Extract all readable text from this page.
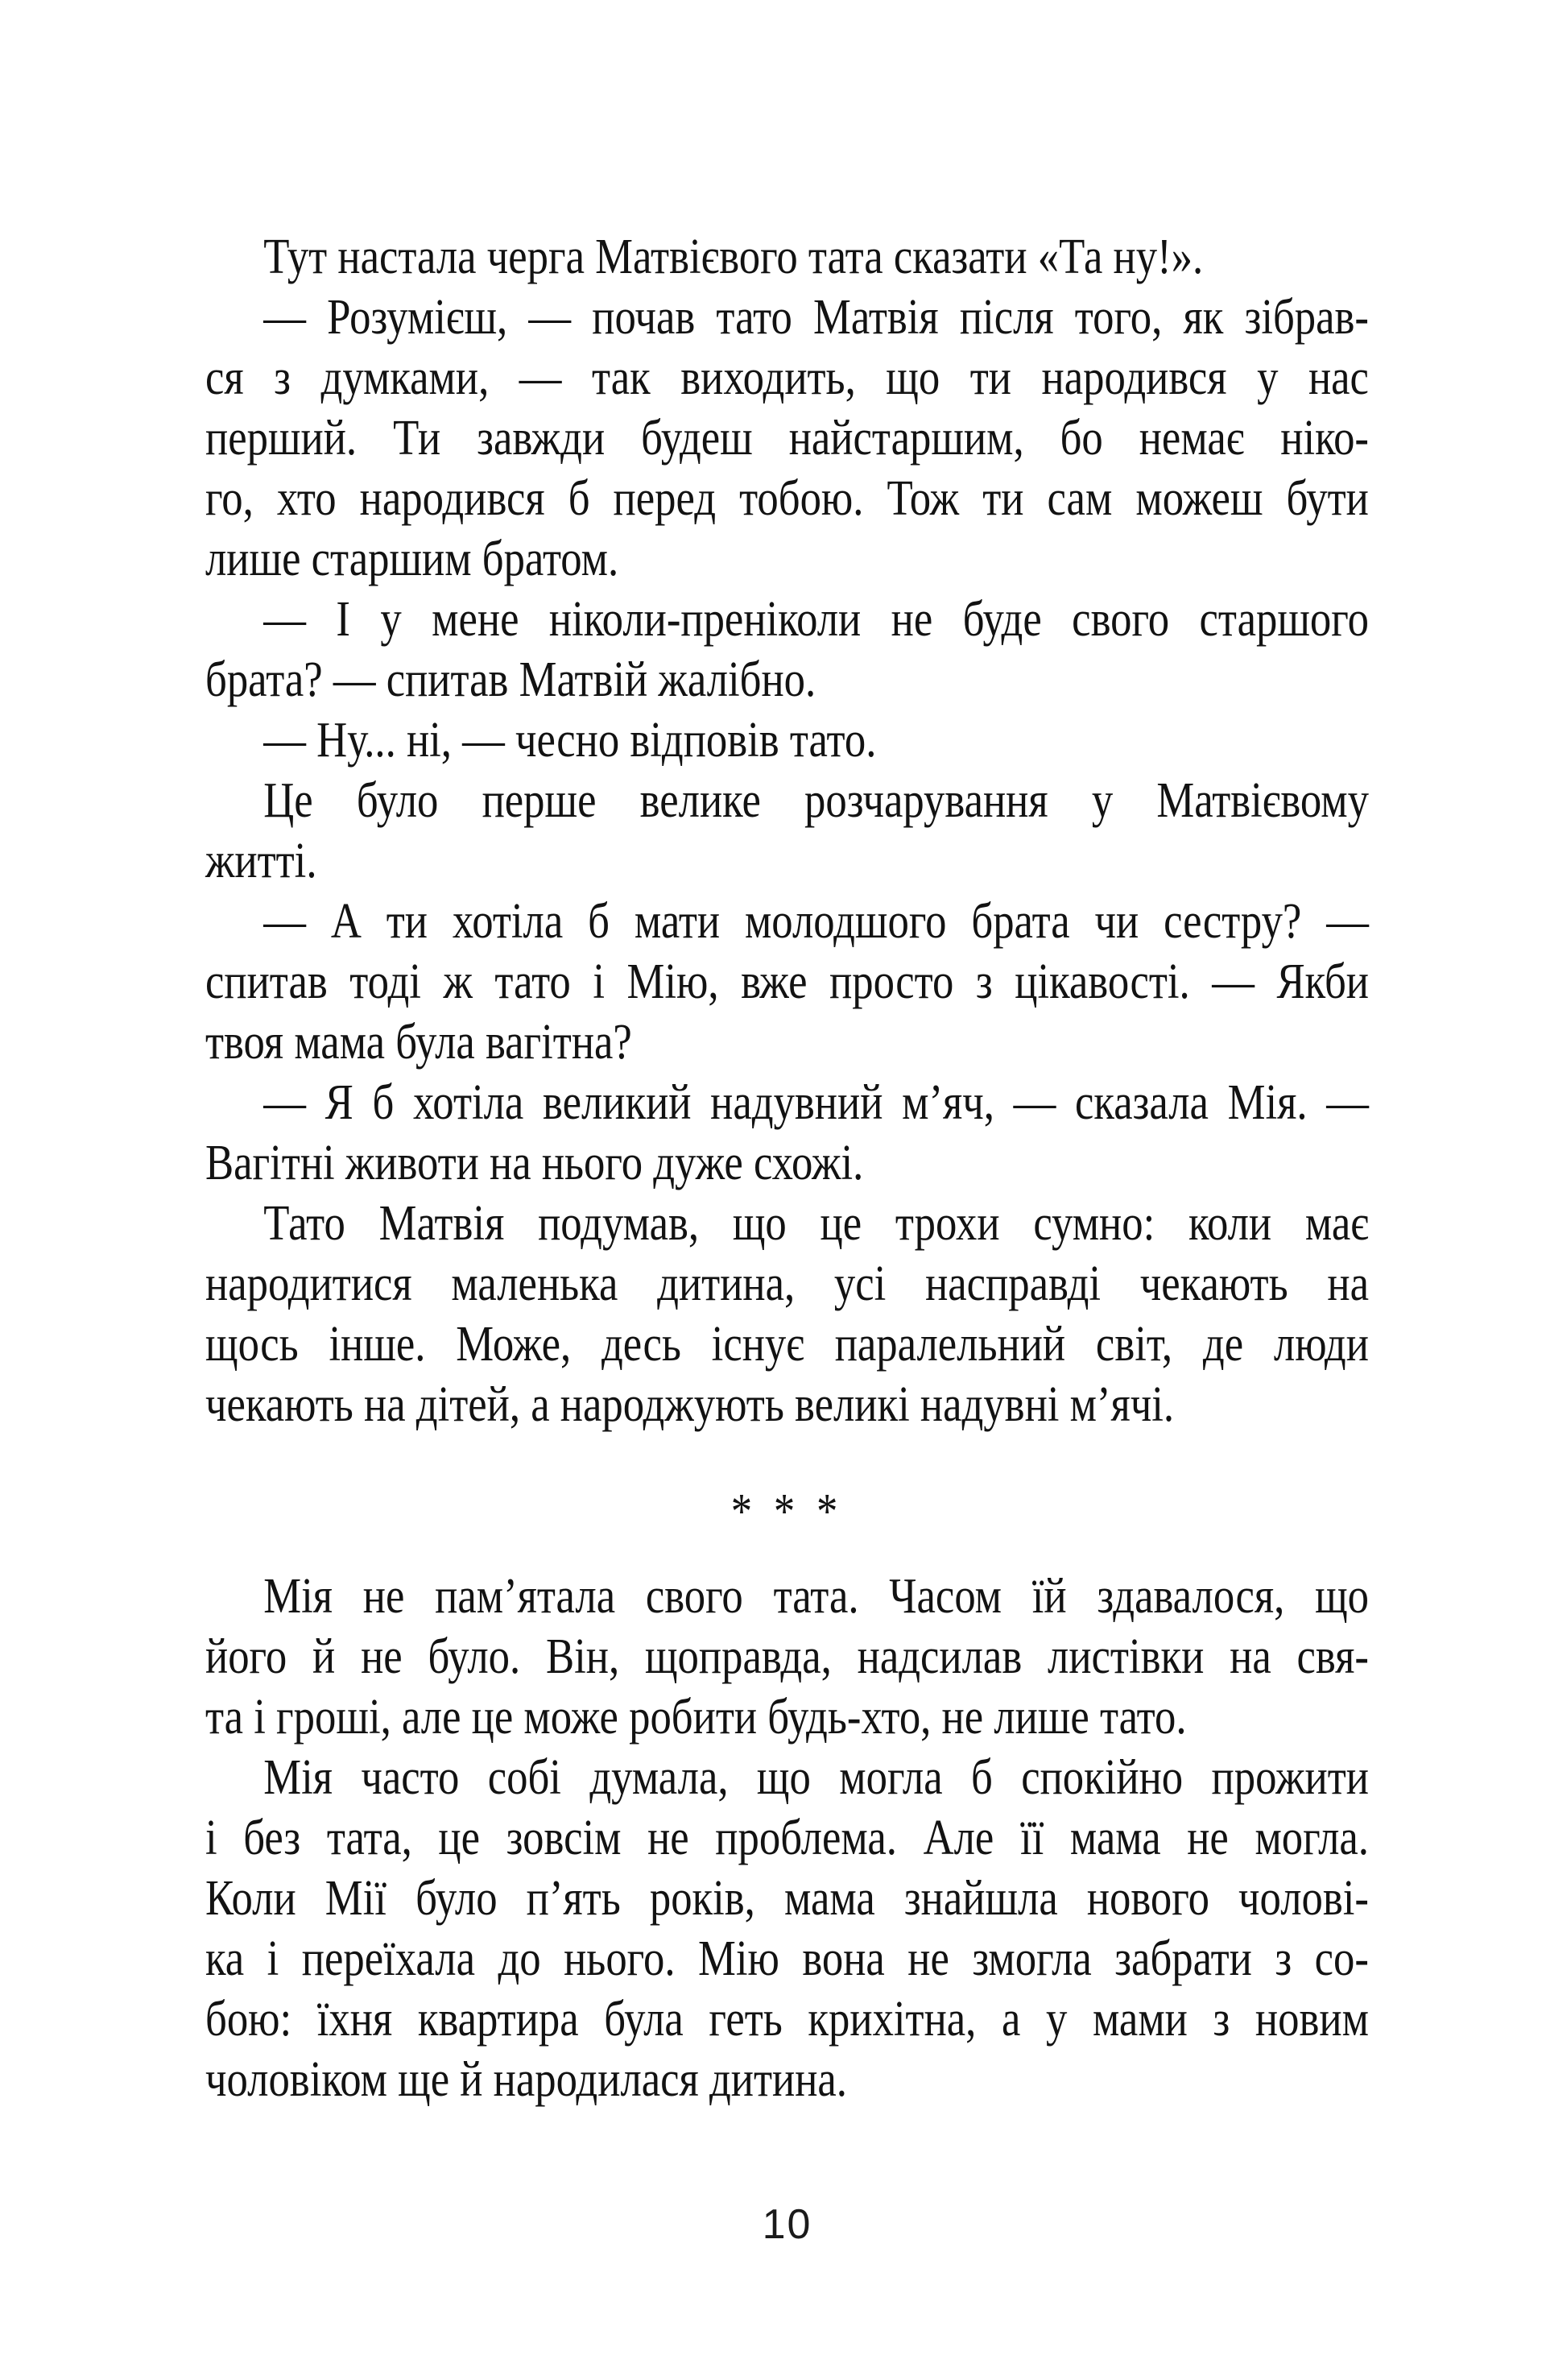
Тут настала черга Матвієвого тата сказати «Та ну!».
— Розумієш, — почав тато Матвія після того, як зібрав-
ся з думками, — так виходить, що ти народився у нас
перший. Ти завжди будеш найстаршим, бо немає ніко-
го, хто народився б перед тобою. Тож ти сам можеш бути
лише старшим братом.
— І у мене ніколи-преніколи не буде свого старшого
брата? — спитав Матвій жалібно.
— Ну... ні, — чесно відповів тато.
Це було перше велике розчарування у Матвієвому
житті.
— А ти хотіла б мати молодшого брата чи сестру? —
спитав тоді ж тато і Мію, вже просто з цікавості. — Якби
твоя мама була вагітна?
— Я б хотіла великий надувний м’яч, — сказала Мія. —
Вагітні животи на нього дуже схожі.
Тато Матвія подумав, що це трохи сумно: коли має
народитися маленька дитина, усі насправді чекають на
щось інше. Може, десь існує паралельний світ, де люди
чекають на дітей, а народжують великі надувні м’ячі.
* * *
Мія не пам’ятала свого тата. Часом їй здавалося, що
його й не було. Він, щоправда, надсилав листівки на свя-
та і гроші, але це може робити будь-хто, не лише тато.
Мія часто собі думала, що могла б спокійно прожити
і без тата, це зовсім не проблема. Але її мама не могла.
Коли Мії було п’ять років, мама знайшла нового чолові-
ка і переїхала до нього. Мію вона не змогла забрати з со-
бою: їхня квартира була геть крихітна, а у мами з новим
чоловіком ще й народилася дитина.
10
